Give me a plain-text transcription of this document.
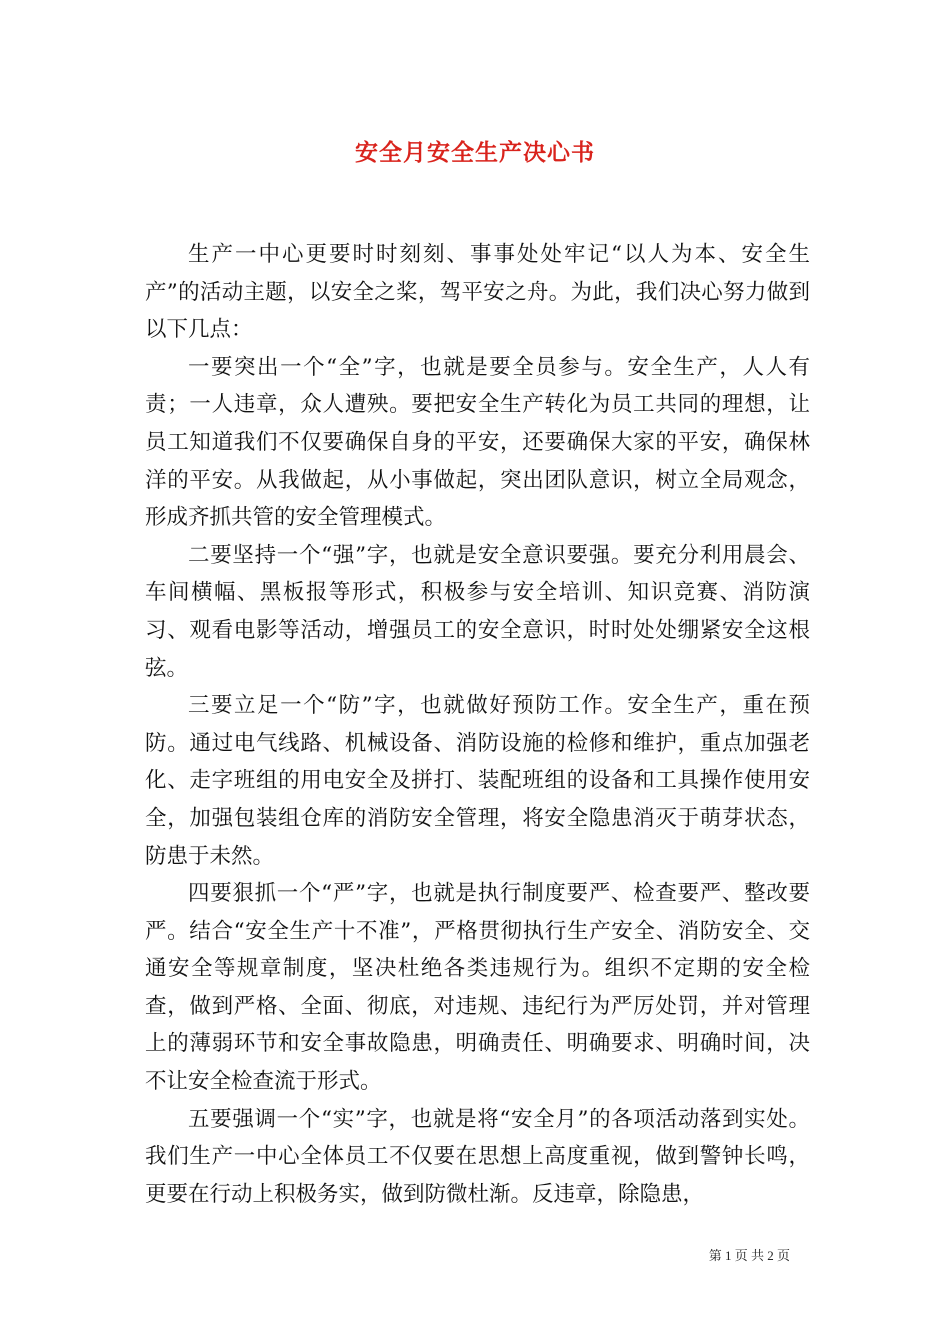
安全月安全生产决心书

生产一中心更要时时刻刻、事事处处牢记“以人为本、安全生产”的活动主题，以安全之桨，驾平安之舟。为此，我们决心努力做到以下几点：

一要突出一个“全”字，也就是要全员参与。安全生产，人人有责；一人违章，众人遭殃。要把安全生产转化为员工共同的理想，让员工知道我们不仅要确保自身的平安，还要确保大家的平安，确保林洋的平安。从我做起，从小事做起，突出团队意识，树立全局观念，形成齐抓共管的安全管理模式。

二要坚持一个“强”字，也就是安全意识要强。要充分利用晨会、车间横幅、黑板报等形式，积极参与安全培训、知识竞赛、消防演习、观看电影等活动，增强员工的安全意识，时时处处绷紧安全这根弦。

三要立足一个“防”字，也就做好预防工作。安全生产，重在预防。通过电气线路、机械设备、消防设施的检修和维护，重点加强老化、走字班组的用电安全及拼打、装配班组的设备和工具操作使用安全，加强包装组仓库的消防安全管理，将安全隐患消灭于萌芽状态，防患于未然。

四要狠抓一个“严”字，也就是执行制度要严、检查要严、整改要严。结合“安全生产十不准”，严格贯彻执行生产安全、消防安全、交通安全等规章制度，坚决杜绝各类违规行为。组织不定期的安全检查，做到严格、全面、彻底，对违规、违纪行为严厉处罚，并对管理上的薄弱环节和安全事故隐患，明确责任、明确要求、明确时间，决不让安全检查流于形式。

五要强调一个“实”字，也就是将“安全月”的各项活动落到实处。我们生产一中心全体员工不仅要在思想上高度重视，做到警钟长鸣，更要在行动上积极务实，做到防微杜渐。反违章，除隐患，

第 1 页 共 2 页
